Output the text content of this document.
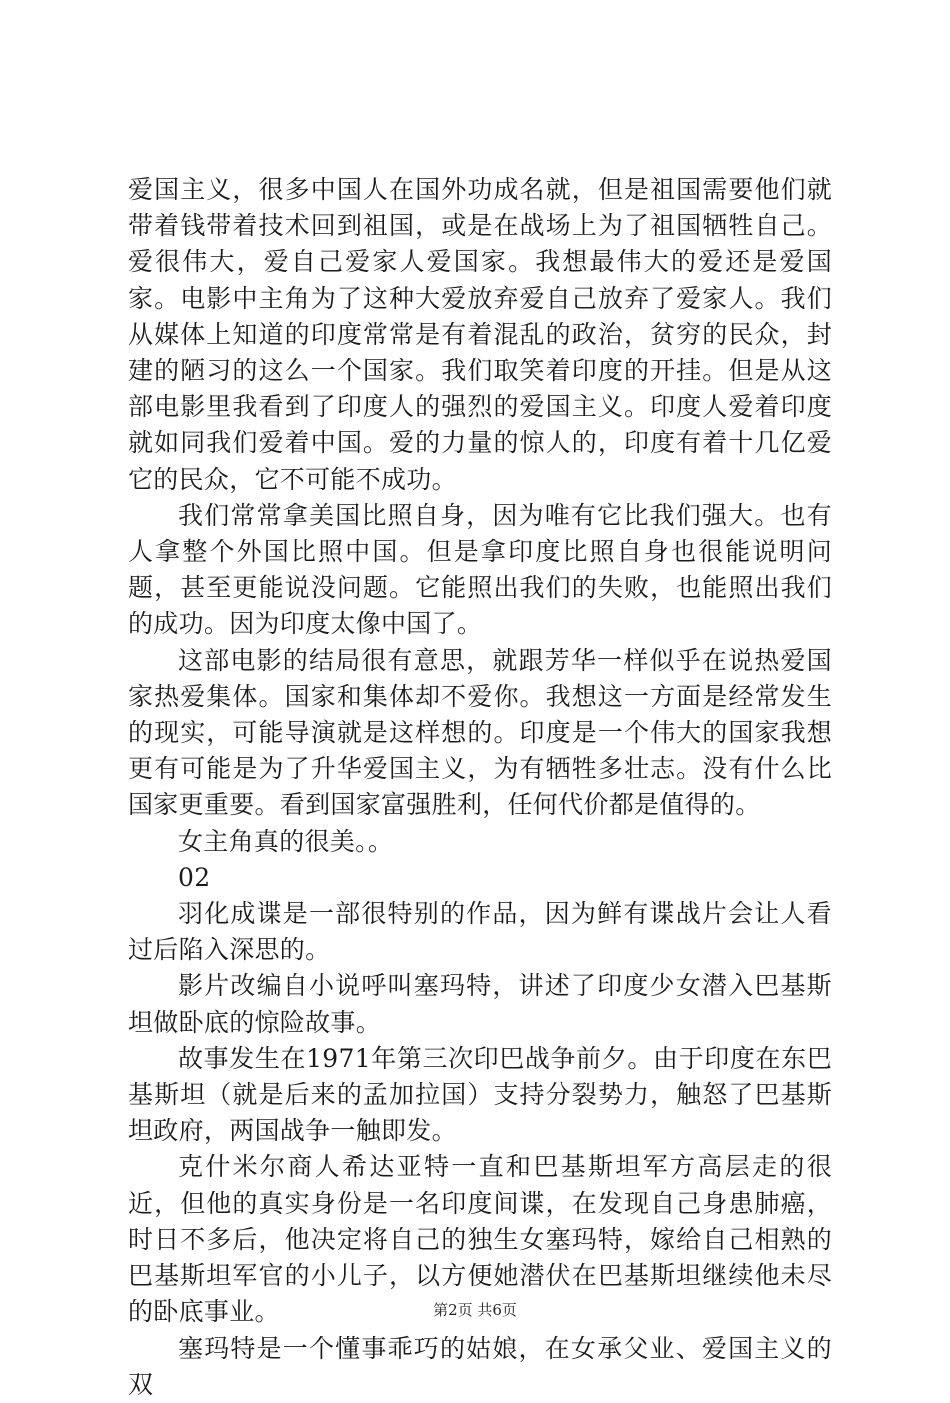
爱国主义，很多中国人在国外功成名就，但是祖国需要他们就带着钱带着技术回到祖国，或是在战场上为了祖国牺牲自己。爱很伟大，爱自己爱家人爱国家。我想最伟大的爱还是爱国家。电影中主角为了这种大爱放弃爱自己放弃了爱家人。我们从媒体上知道的印度常常是有着混乱的政治，贫穷的民众，封建的陋习的这么一个国家。我们取笑着印度的开挂。但是从这部电影里我看到了印度人的强烈的爱国主义。印度人爱着印度就如同我们爱着中国。爱的力量的惊人的，印度有着十几亿爱它的民众，它不可能不成功。

我们常常拿美国比照自身，因为唯有它比我们强大。也有人拿整个外国比照中国。但是拿印度比照自身也很能说明问题，甚至更能说没问题。它能照出我们的失败，也能照出我们的成功。因为印度太像中国了。

这部电影的结局很有意思，就跟芳华一样似乎在说热爱国家热爱集体。国家和集体却不爱你。我想这一方面是经常发生的现实，可能导演就是这样想的。印度是一个伟大的国家我想更有可能是为了升华爱国主义，为有牺牲多壮志。没有什么比国家更重要。看到国家富强胜利，任何代价都是值得的。

女主角真的很美。。

02

羽化成谍是一部很特别的作品，因为鲜有谍战片会让人看过后陷入深思的。

影片改编自小说呼叫塞玛特，讲述了印度少女潜入巴基斯坦做卧底的惊险故事。

故事发生在1971年第三次印巴战争前夕。由于印度在东巴基斯坦（就是后来的孟加拉国）支持分裂势力，触怒了巴基斯坦政府，两国战争一触即发。

克什米尔商人希达亚特一直和巴基斯坦军方高层走的很近，但他的真实身份是一名印度间谍，在发现自己身患肺癌，时日不多后，他决定将自己的独生女塞玛特，嫁给自己相熟的巴基斯坦军官的小儿子，以方便她潜伏在巴基斯坦继续他未尽的卧底事业。

塞玛特是一个懂事乖巧的姑娘，在女承父业、爱国主义的双

第2页 共6页
